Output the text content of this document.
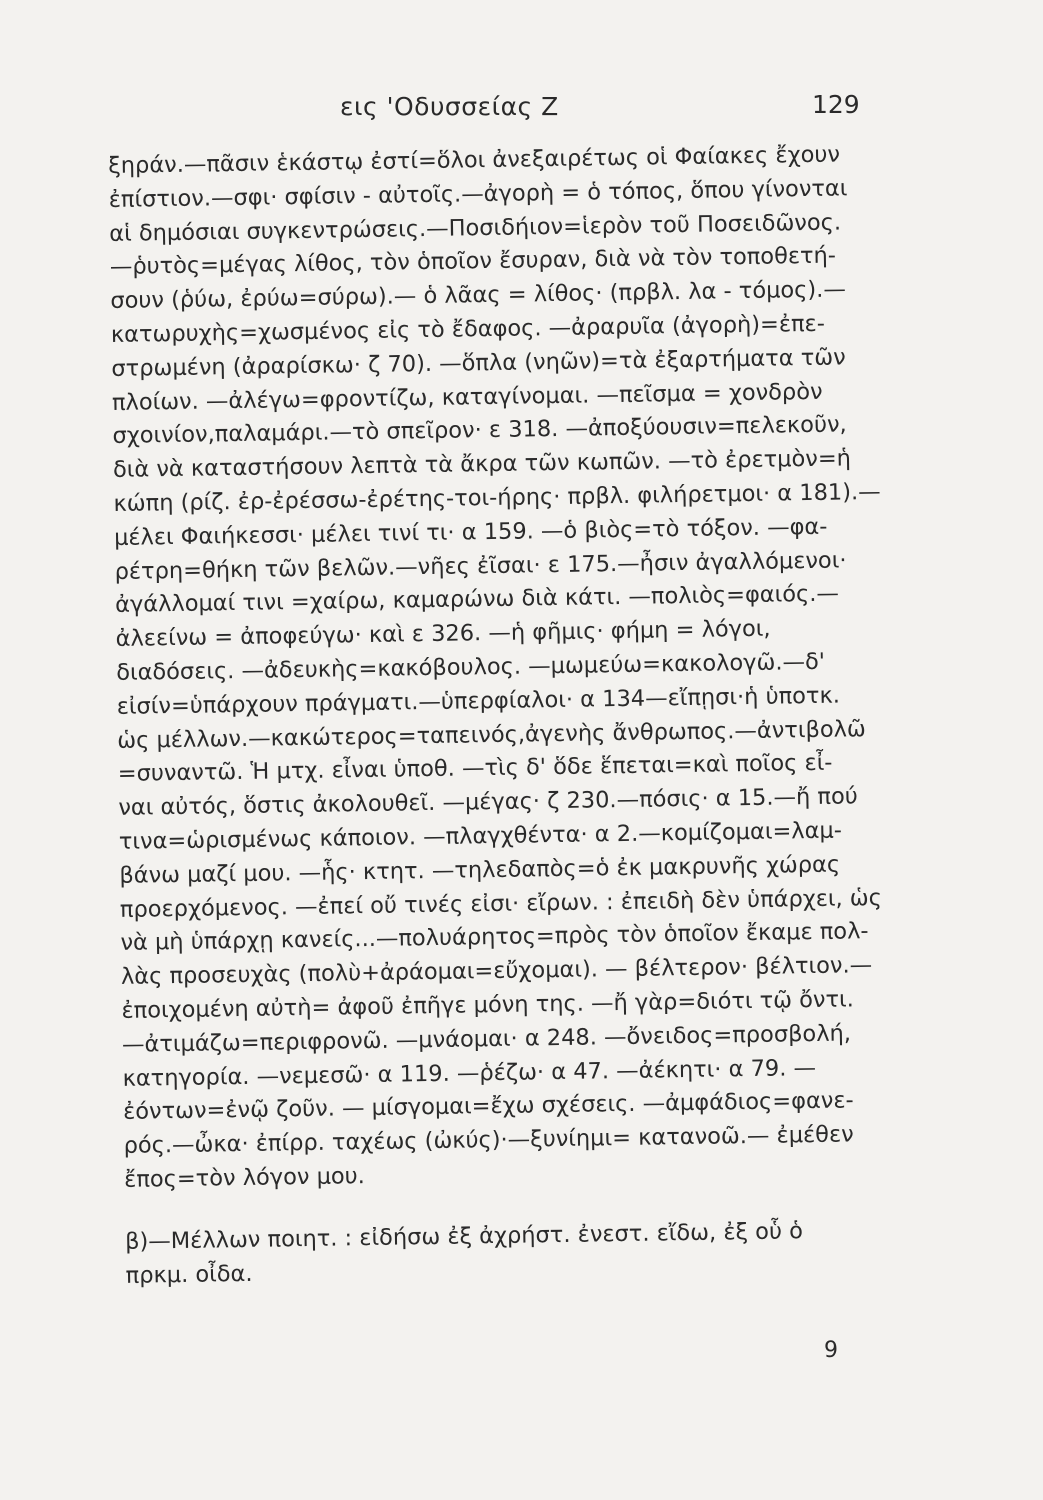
εις 'Οδυσσείας Ζ	129
ξηράν.—πᾶσιν ἑκάστῳ ἐστί=ὅλοι ἀνεξαιρέτως οἱ Φαίακες ἔχουν
ἐπίστιον.—σφι· σφίσιν - αὐτοῖς.—ἀγορὴ = ὁ τόπος, ὅπου γίνονται
αἱ δημόσιαι συγκεντρώσεις.—Ποσιδήιον=ἱερὸν τοῦ Ποσειδῶνος.
—ῥυτὸς=μέγας λίθος, τὸν ὁποῖον ἔσυραν, διὰ νὰ τὸν τοποθετή-
σουν (ῥύω, ἐρύω=σύρω).— ὁ λᾶας = λίθος· (πρβλ. λα - τόμος).—
κατωρυχὴς=χωσμένος εἰς τὸ ἔδαφος. —ἀραρυῖα (ἀγορὴ)=ἐπε-
στρωμένη (ἀραρίσκω· ζ 70). —ὅπλα (νηῶν)=τὰ ἐξαρτήματα τῶν
πλοίων. —ἀλέγω=φροντίζω, καταγίνομαι. —πεῖσμα = χονδρὸν
σχοινίον,παλαμάρι.—τὸ σπεῖρον· ε 318. —ἀποξύουσιν=πελεκοῦν,
διὰ νὰ καταστήσουν λεπτὰ τὰ ἄκρα τῶν κωπῶν. —τὸ ἐρετμὸν=ἡ
κώπη (ρίζ. ἐρ-ἐρέσσω-ἐρέτης-τοι-ήρης· πρβλ. φιλήρετμοι· α 181).—
μέλει Φαιήκεσσι· μέλει τινί τι· α 159. —ὁ βιὸς=τὸ τόξον. —φα-
ρέτρη=θήκη τῶν βελῶν.—νῆες ἐῖσαι· ε 175.—ἦσιν ἀγαλλόμενοι·
ἀγάλλομαί τινι =χαίρω, καμαρώνω διὰ κάτι. —πολιὸς=φαιός.—
ἀλεείνω = ἀποφεύγω· καὶ ε 326. —ἡ φῆμις· φήμη = λόγοι,
διαδόσεις. —ἀδευκὴς=κακόβουλος. —μωμεύω=κακολογῶ.—δ'
εἰσίν=ὑπάρχουν πράγματι.—ὑπερφίαλοι· α 134—εἴπῃσι·ἡ ὑποτκ.
ὡς μέλλων.—κακώτερος=ταπεινός,ἀγενὴς ἄνθρωπος.—ἀντιβολῶ
=συναντῶ. Ἡ μτχ. εἶναι ὑποθ. —τὶς δ' ὅδε ἕπεται=καὶ ποῖος εἶ-
ναι αὐτός, ὅστις ἀκολουθεῖ. —μέγας· ζ 230.—πόσις· α 15.—ἤ πού
τινα=ὡρισμένως κάποιον. —πλαγχθέντα· α 2.—κομίζομαι=λαμ-
βάνω μαζί μου. —ἧς· κτητ. —τηλεδαπὸς=ὁ ἐκ μακρυνῆς χώρας
προερχόμενος. —ἐπεί οὔ τινές εἰσι· εἴρων. : ἐπειδὴ δὲν ὑπάρχει, ὡς
νὰ μὴ ὑπάρχῃ κανείς...—πολυάρητος=πρὸς τὸν ὁποῖον ἔκαμε πολ-
λὰς προσευχὰς (πολὺ+ἀράομαι=εὔχομαι). — βέλτερον· βέλτιον.—
ἐποιχομένη αὐτὴ= ἀφοῦ ἐπῆγε μόνη της. —ἤ γὰρ=διότι τῷ ὄντι.
—ἀτιμάζω=περιφρονῶ. —μνάομαι· α 248. —ὄνειδος=προσβολή,
κατηγορία. —νεμεσῶ· α 119. —ῥέζω· α 47. —ἀέκητι· α 79. —
ἐόντων=ἐνῷ ζοῦν. — μίσγομαι=ἔχω σχέσεις. —ἀμφάδιος=φανε-
ρός.—ὦκα· ἐπίρρ. ταχέως (ὠκύς)·—ξυνίημι= κατανοῶ.— ἐμέθεν
ἔπος=τὸν λόγον μου.
β)—Μέλλων ποιητ. : εἰδήσω ἐξ ἀχρήστ. ἐνεστ. εἴδω, ἐξ οὗ ὁ
πρκμ. οἶδα.
9
